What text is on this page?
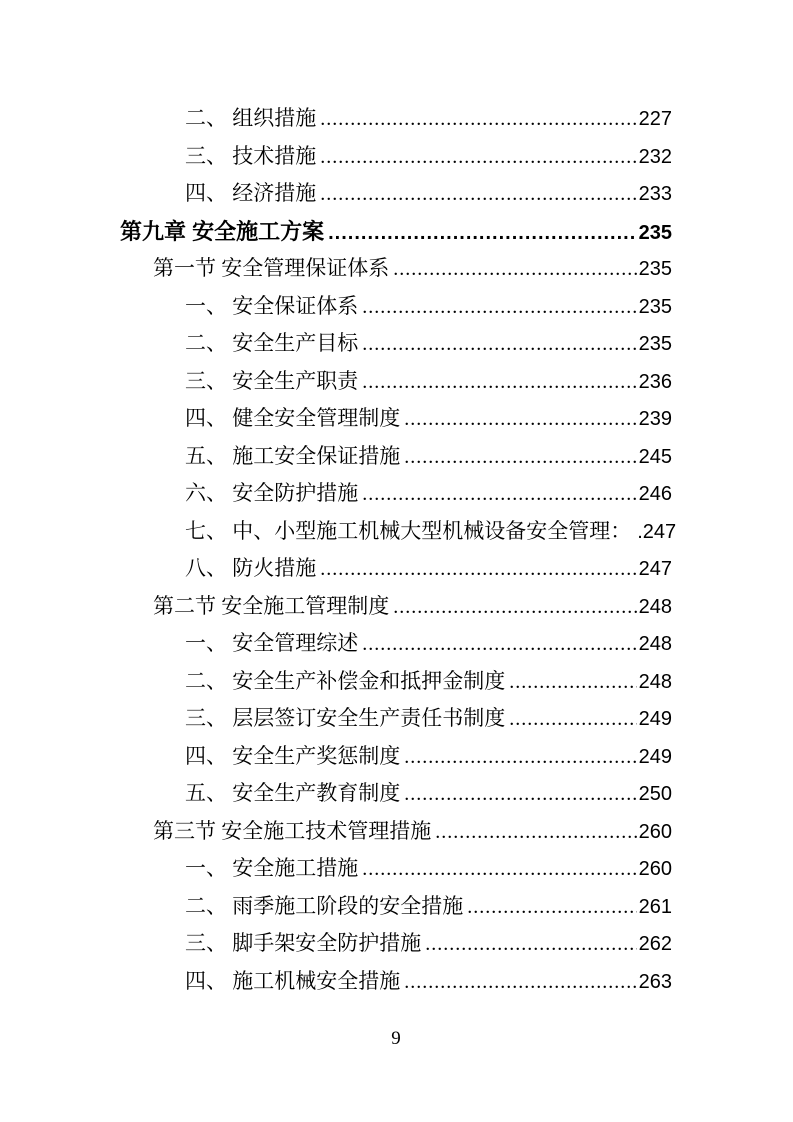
二、 组织措施 .....	227
三、 技术措施 .....	232
四、 经济措施 .....	233
第九章 安全施工方案 .....	235
第一节 安全管理保证体系 .....	235
一、 安全保证体系 .....	235
二、 安全生产目标 .....	235
三、 安全生产职责 .....	236
四、 健全安全管理制度 .....	239
五、 施工安全保证措施 .....	245
六、 安全防护措施 .....	246
七、 中、小型施工机械大型机械设备安全管理： .247
八、 防火措施 .....	247
第二节 安全施工管理制度 .....	248
一、 安全管理综述 .....	248
二、 安全生产补偿金和抵押金制度 .....	248
三、 层层签订安全生产责任书制度 .....	249
四、 安全生产奖惩制度 .....	249
五、 安全生产教育制度 .....	250
第三节 安全施工技术管理措施 .....	260
一、 安全施工措施 .....	260
二、 雨季施工阶段的安全措施 .....	261
三、 脚手架安全防护措施 .....	262
四、 施工机械安全措施 .....	263
9
